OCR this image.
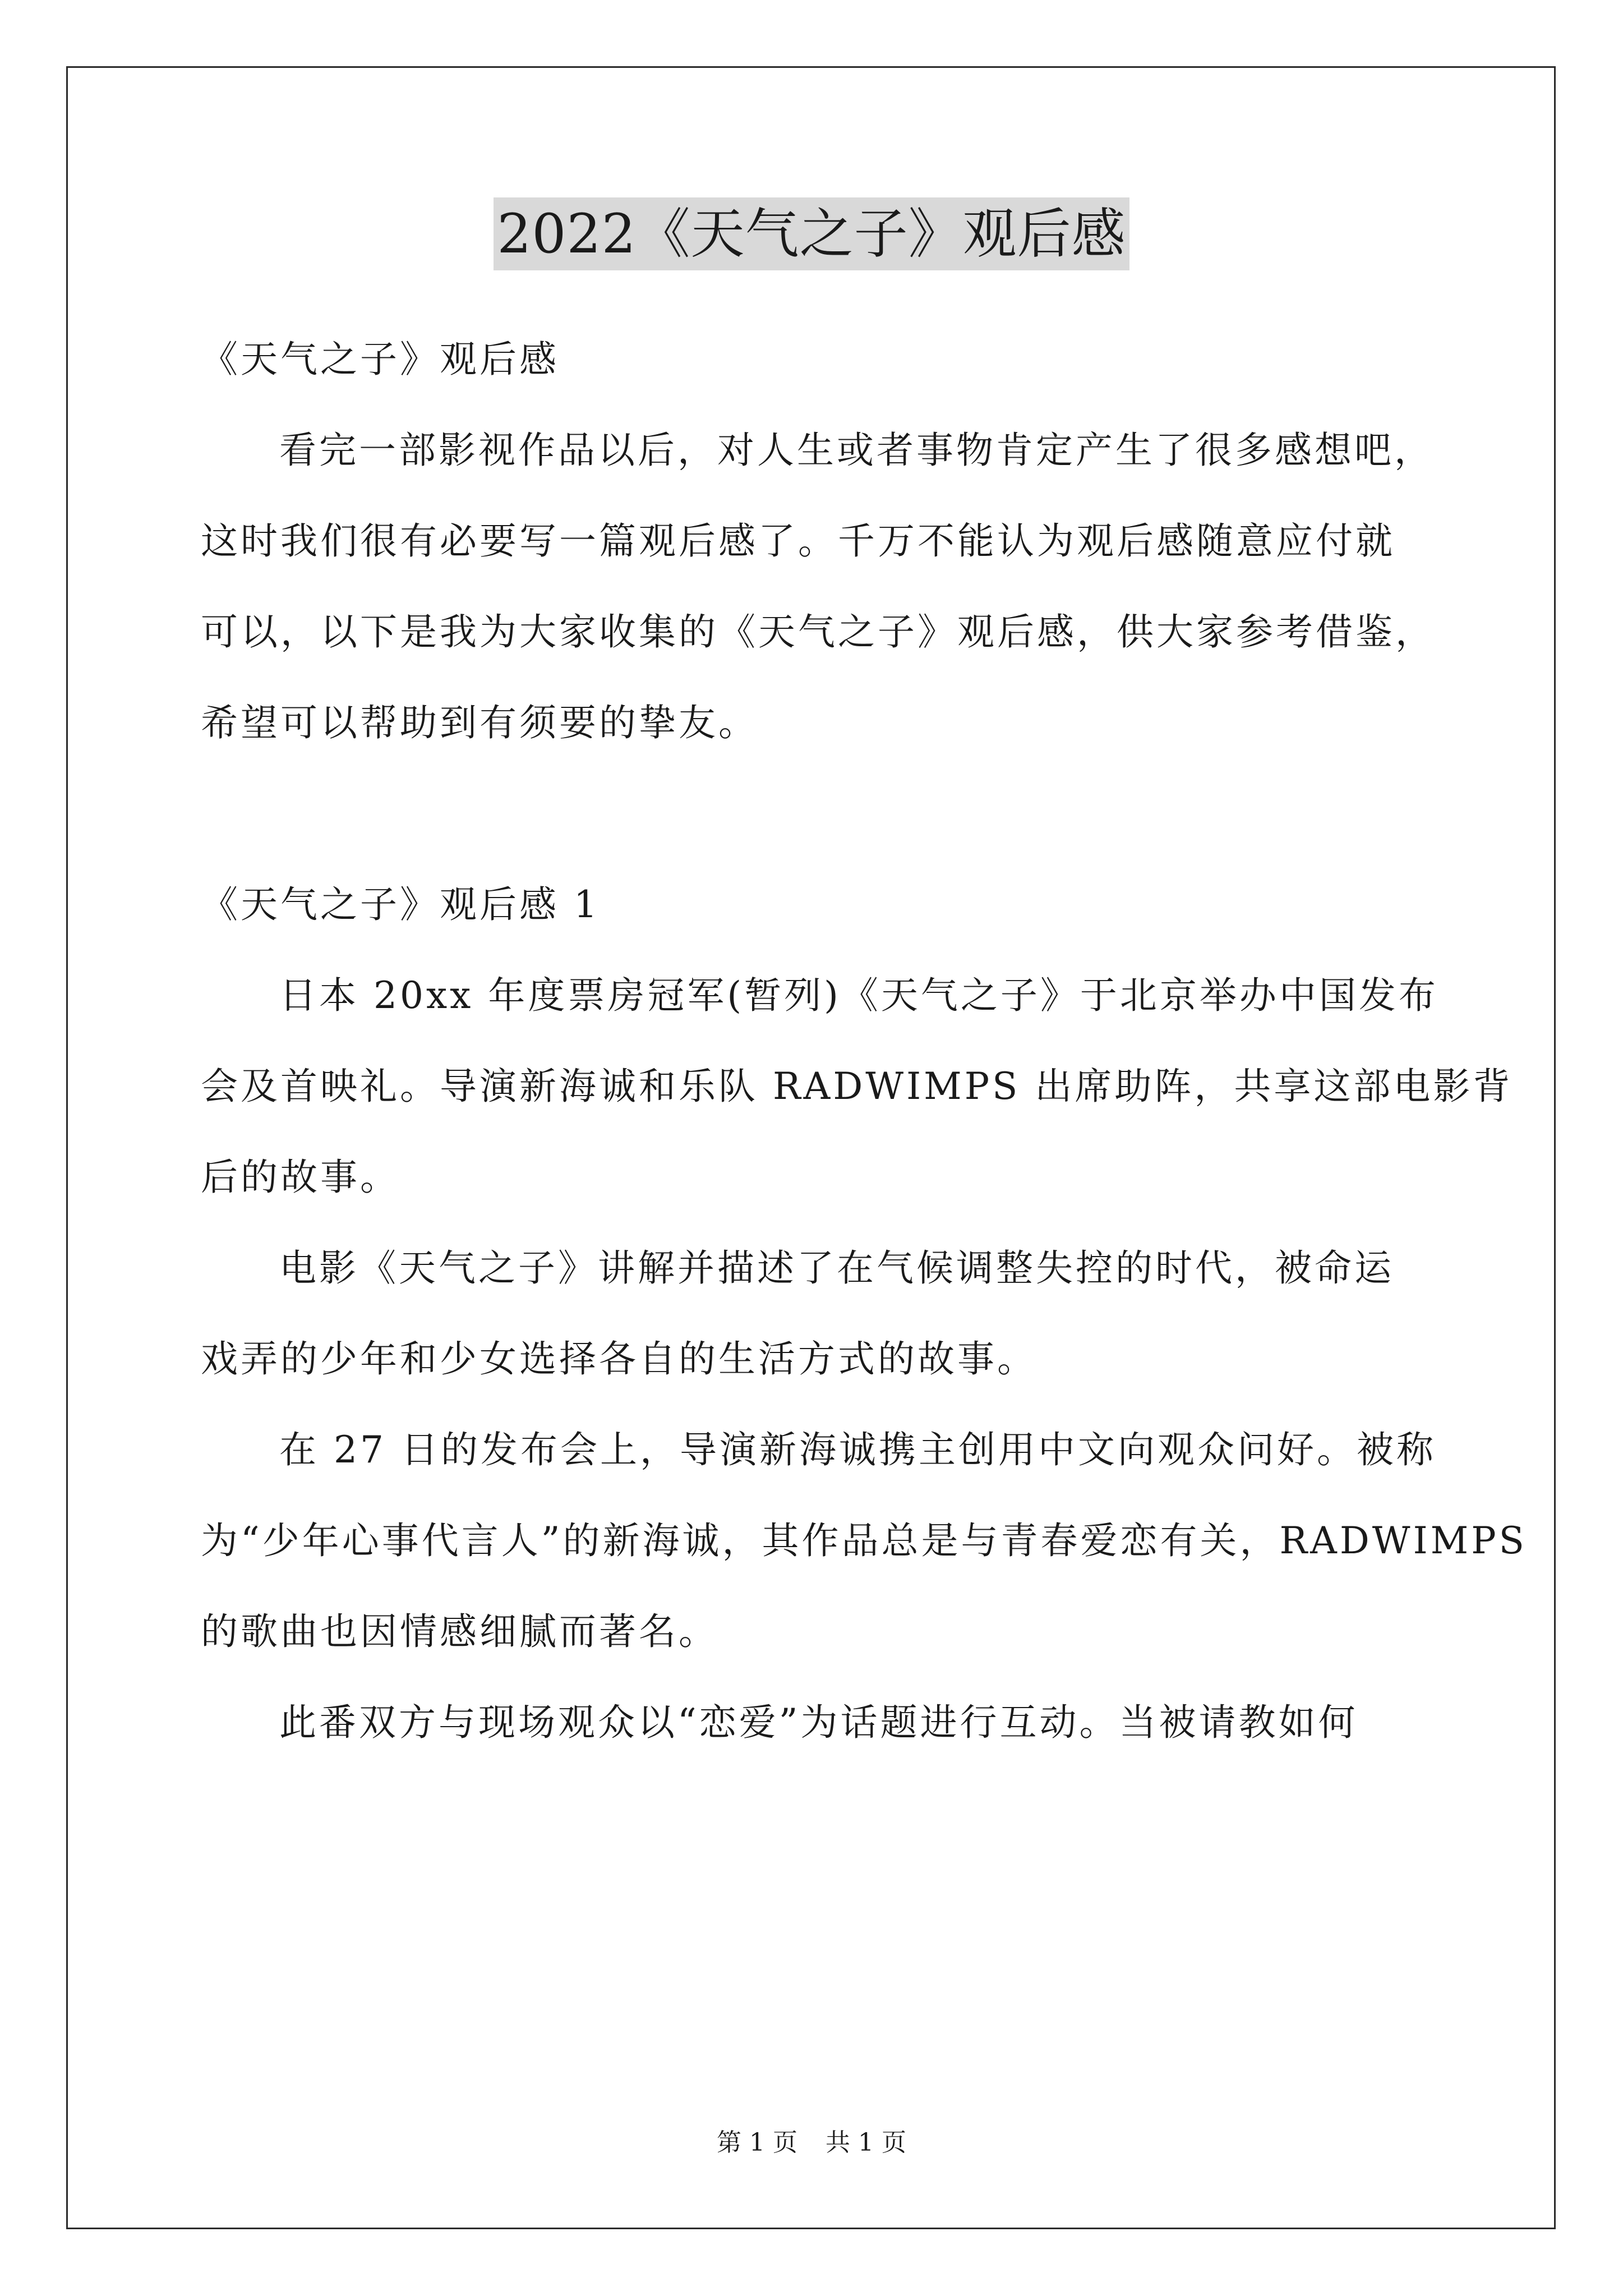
2022《天气之子》观后感
《天气之子》观后感
看完一部影视作品以后，对人生或者事物肯定产生了很多感想吧，
这时我们很有必要写一篇观后感了。千万不能认为观后感随意应付就
可以，以下是我为大家收集的《天气之子》观后感，供大家参考借鉴，
希望可以帮助到有须要的挚友。
《天气之子》观后感 1
日本 20xx 年度票房冠军(暂列)《天气之子》于北京举办中国发布
会及首映礼。导演新海诚和乐队 RADWIMPS 出席助阵，共享这部电影背
后的故事。
电影《天气之子》讲解并描述了在气候调整失控的时代，被命运
戏弄的少年和少女选择各自的生活方式的故事。
在 27 日的发布会上，导演新海诚携主创用中文向观众问好。被称
为“少年心事代言人”的新海诚，其作品总是与青春爱恋有关，RADWIMPS
的歌曲也因情感细腻而著名。
此番双方与现场观众以“恋爱”为话题进行互动。当被请教如何
第 1 页 共 1 页
